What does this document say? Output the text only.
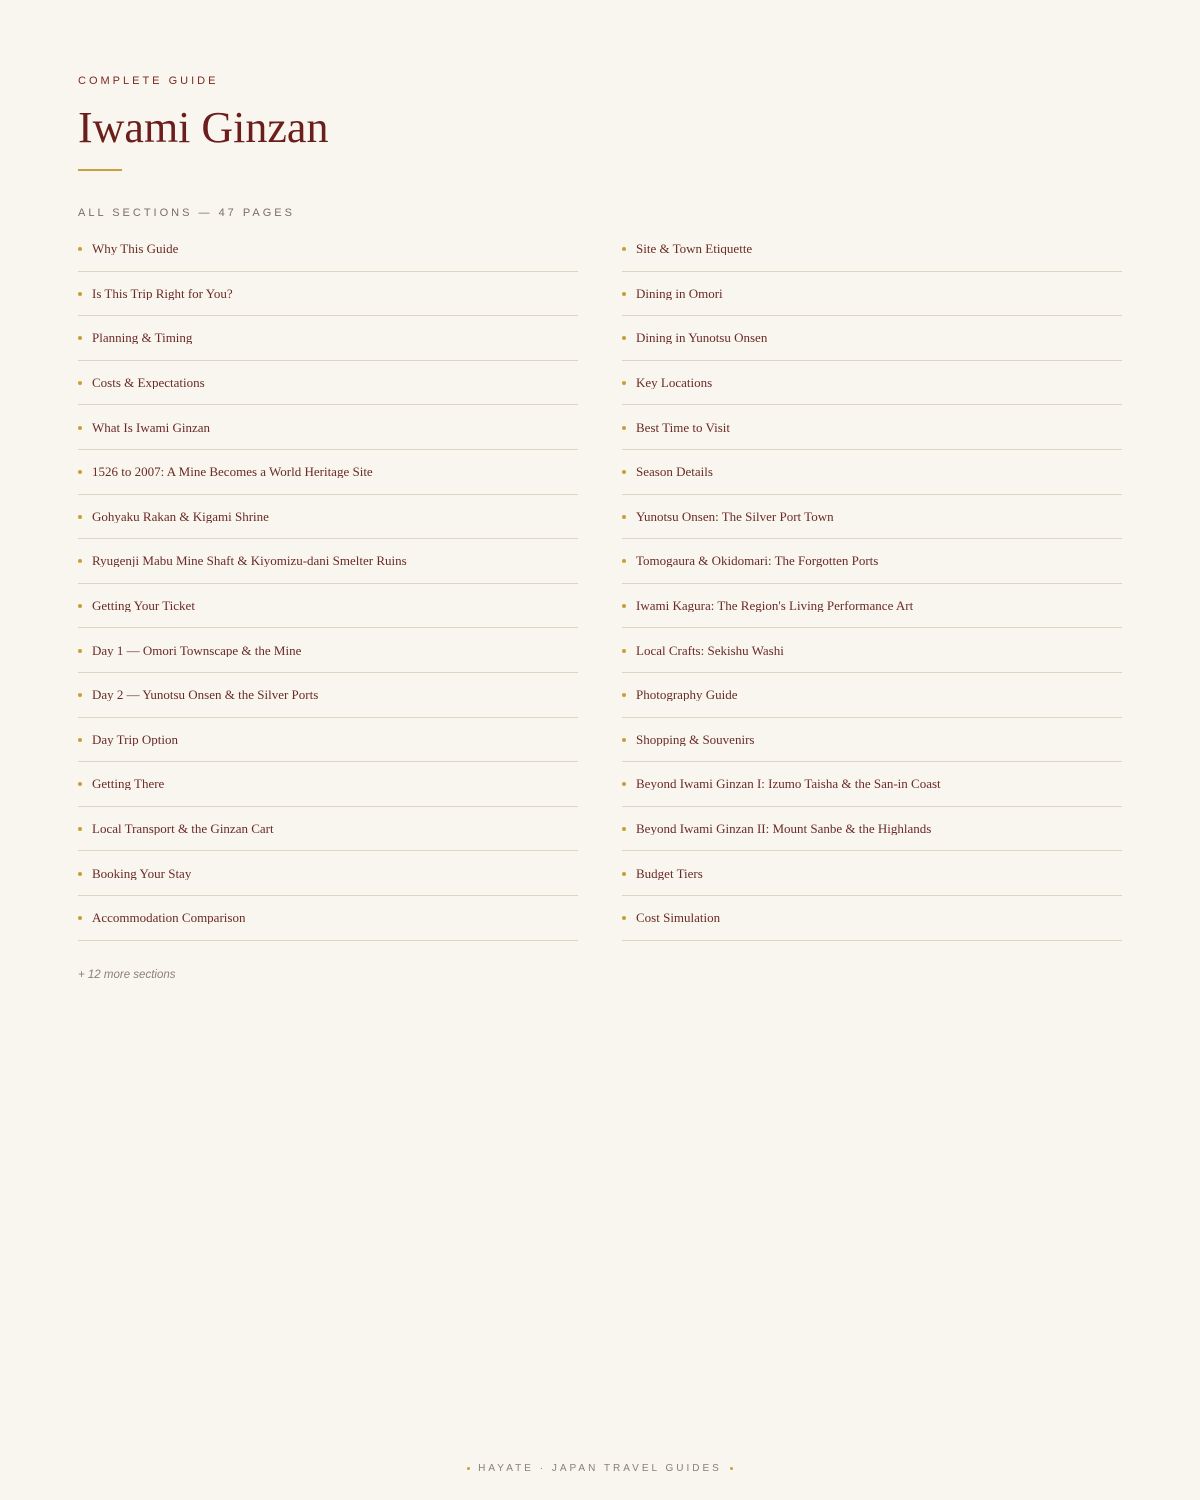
COMPLETE GUIDE
Iwami Ginzan
ALL SECTIONS — 47 PAGES
Why This Guide
Is This Trip Right for You?
Planning & Timing
Costs & Expectations
What Is Iwami Ginzan
1526 to 2007: A Mine Becomes a World Heritage Site
Gohyaku Rakan & Kigami Shrine
Ryugenji Mabu Mine Shaft & Kiyomizu-dani Smelter Ruins
Getting Your Ticket
Day 1 — Omori Townscape & the Mine
Day 2 — Yunotsu Onsen & the Silver Ports
Day Trip Option
Getting There
Local Transport & the Ginzan Cart
Booking Your Stay
Accommodation Comparison
Site & Town Etiquette
Dining in Omori
Dining in Yunotsu Onsen
Key Locations
Best Time to Visit
Season Details
Yunotsu Onsen: The Silver Port Town
Tomogaura & Okidomari: The Forgotten Ports
Iwami Kagura: The Region's Living Performance Art
Local Crafts: Sekishu Washi
Photography Guide
Shopping & Souvenirs
Beyond Iwami Ginzan I: Izumo Taisha & the San-in Coast
Beyond Iwami Ginzan II: Mount Sanbe & the Highlands
Budget Tiers
Cost Simulation
+ 12 more sections
HAYATE · JAPAN TRAVEL GUIDES
